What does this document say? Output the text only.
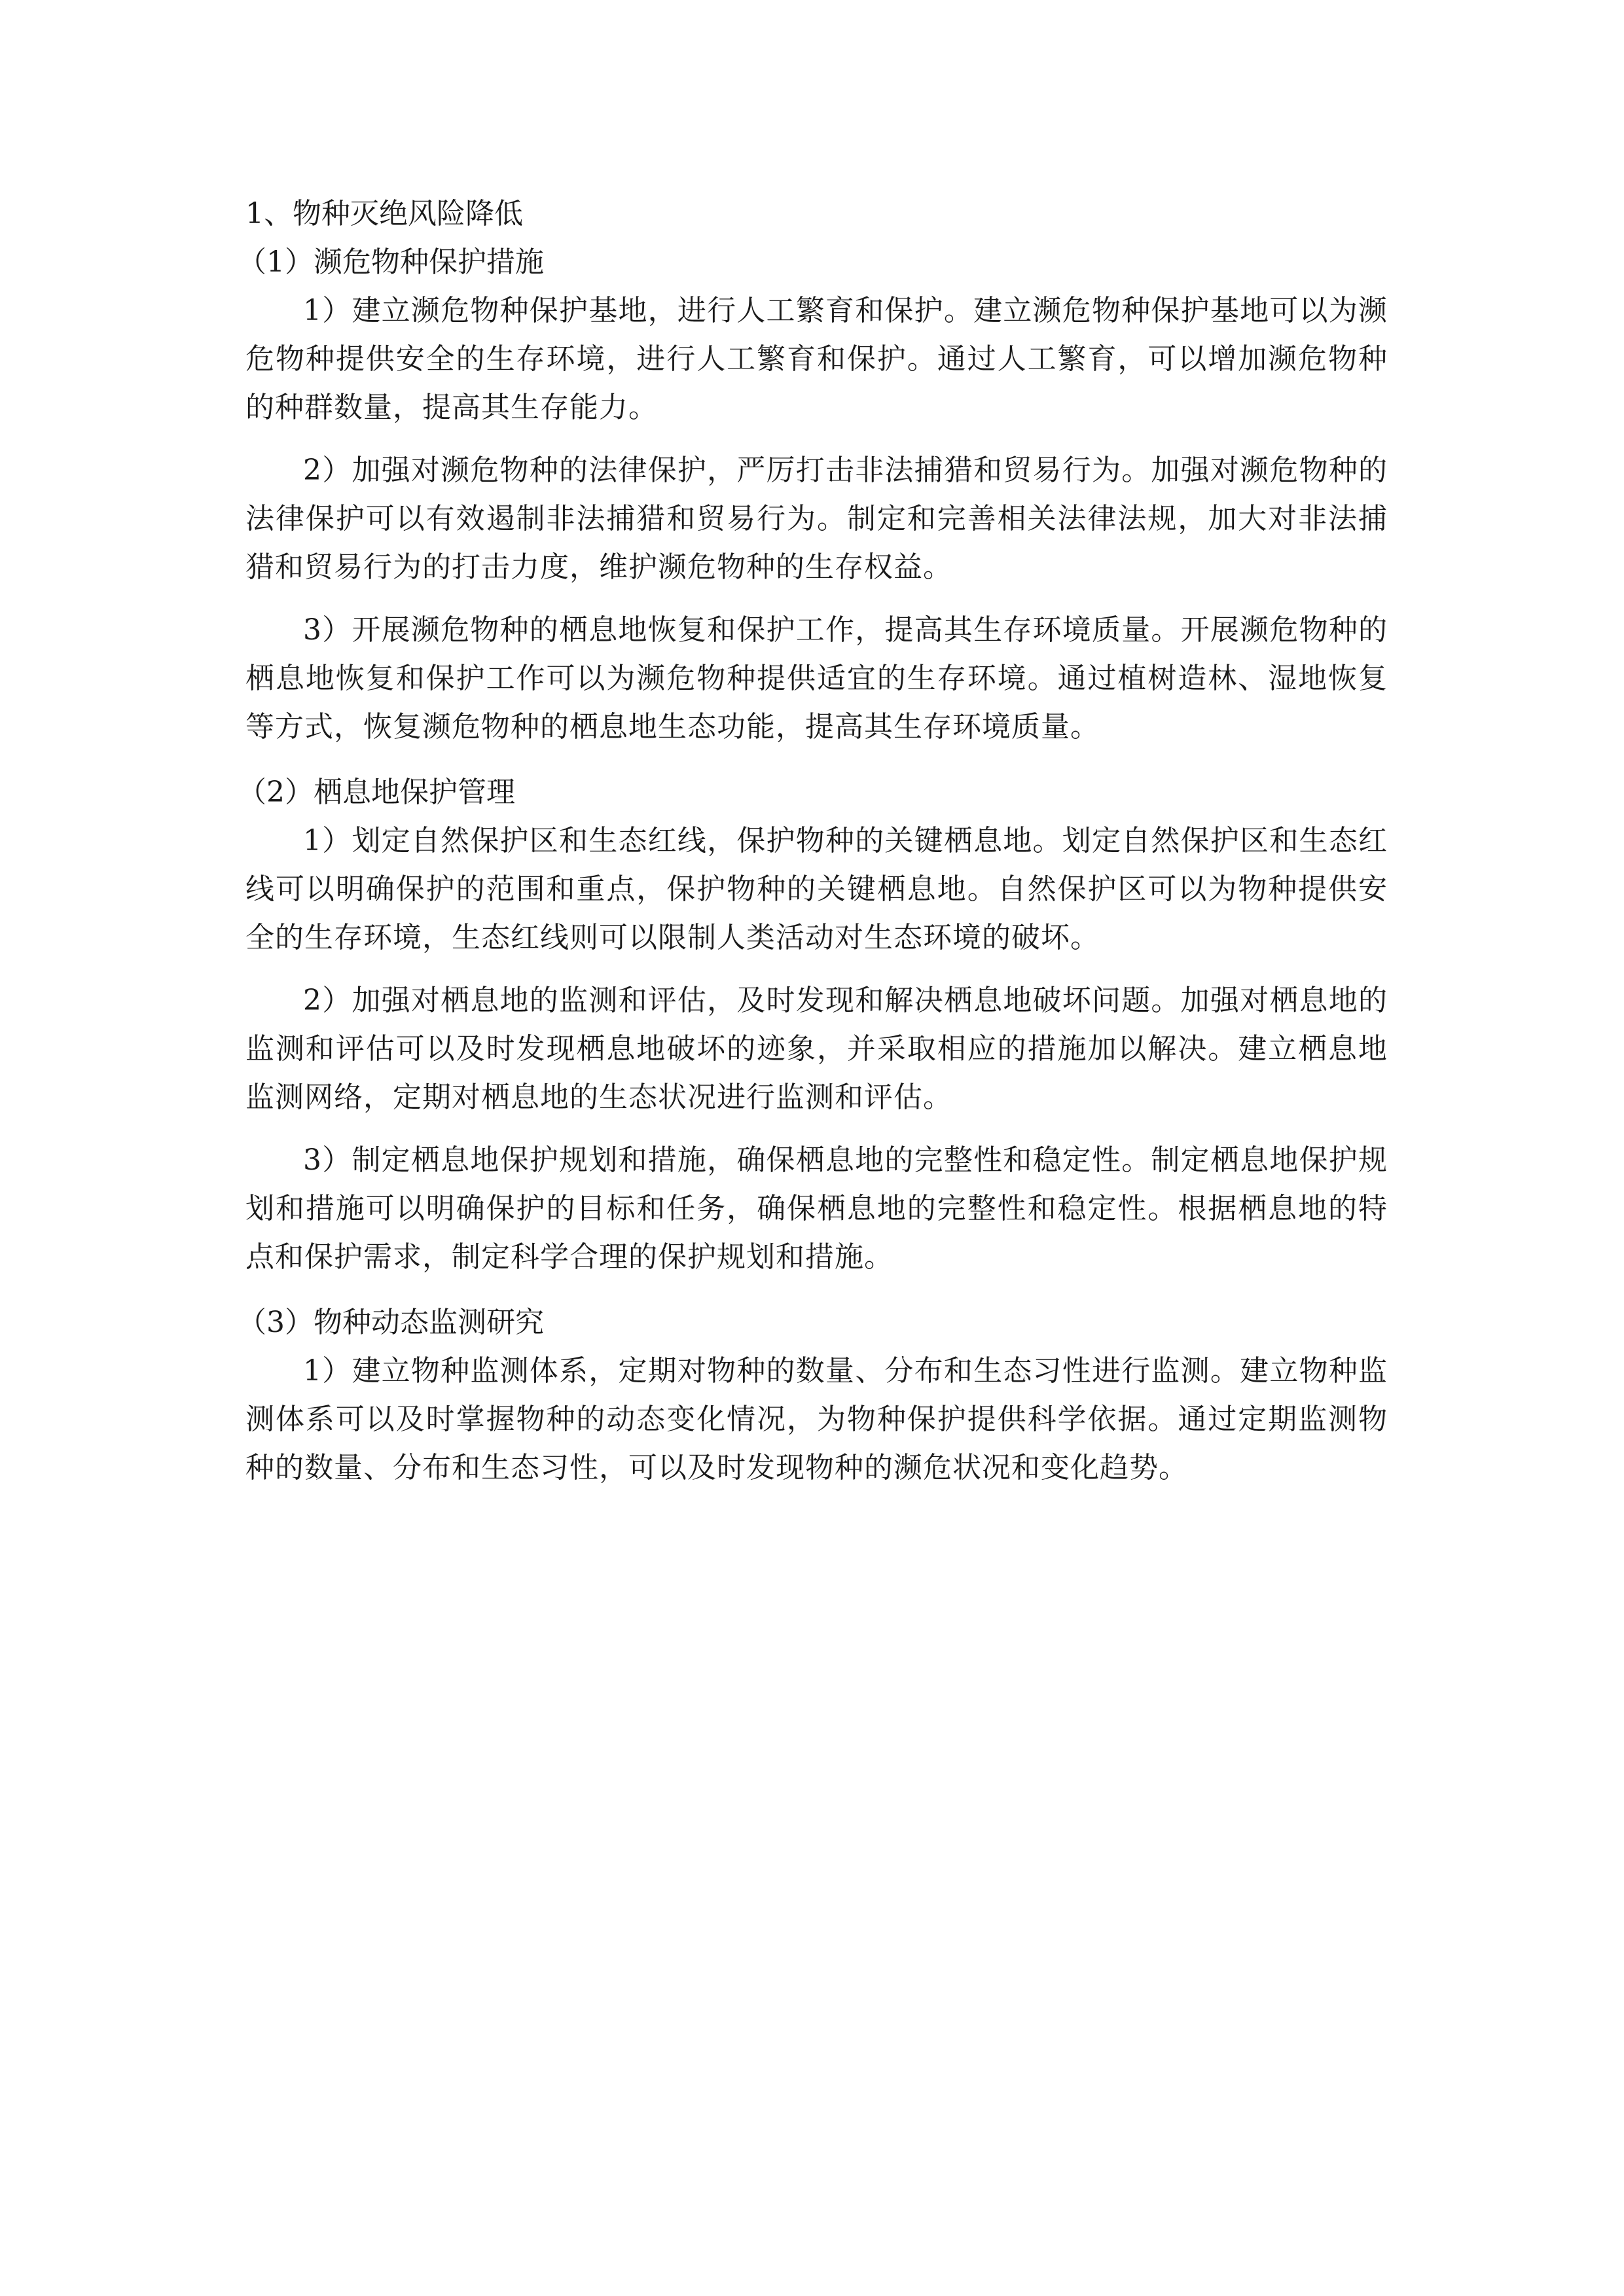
1、物种灭绝风险降低

（1）濒危物种保护措施

1）建立濒危物种保护基地，进行人工繁育和保护。建立濒危物种保护基地可以为濒危物种提供安全的生存环境，进行人工繁育和保护。通过人工繁育，可以增加濒危物种的种群数量，提高其生存能力。

2）加强对濒危物种的法律保护，严厉打击非法捕猎和贸易行为。加强对濒危物种的法律保护可以有效遏制非法捕猎和贸易行为。制定和完善相关法律法规，加大对非法捕猎和贸易行为的打击力度，维护濒危物种的生存权益。

3）开展濒危物种的栖息地恢复和保护工作，提高其生存环境质量。开展濒危物种的栖息地恢复和保护工作可以为濒危物种提供适宜的生存环境。通过植树造林、湿地恢复等方式，恢复濒危物种的栖息地生态功能，提高其生存环境质量。

（2）栖息地保护管理

1）划定自然保护区和生态红线，保护物种的关键栖息地。划定自然保护区和生态红线可以明确保护的范围和重点，保护物种的关键栖息地。自然保护区可以为物种提供安全的生存环境，生态红线则可以限制人类活动对生态环境的破坏。

2）加强对栖息地的监测和评估，及时发现和解决栖息地破坏问题。加强对栖息地的监测和评估可以及时发现栖息地破坏的迹象，并采取相应的措施加以解决。建立栖息地监测网络，定期对栖息地的生态状况进行监测和评估。

3）制定栖息地保护规划和措施，确保栖息地的完整性和稳定性。制定栖息地保护规划和措施可以明确保护的目标和任务，确保栖息地的完整性和稳定性。根据栖息地的特点和保护需求，制定科学合理的保护规划和措施。

（3）物种动态监测研究

1）建立物种监测体系，定期对物种的数量、分布和生态习性进行监测。建立物种监测体系可以及时掌握物种的动态变化情况，为物种保护提供科学依据。通过定期监测物种的数量、分布和生态习性，可以及时发现物种的濒危状况和变化趋势。
